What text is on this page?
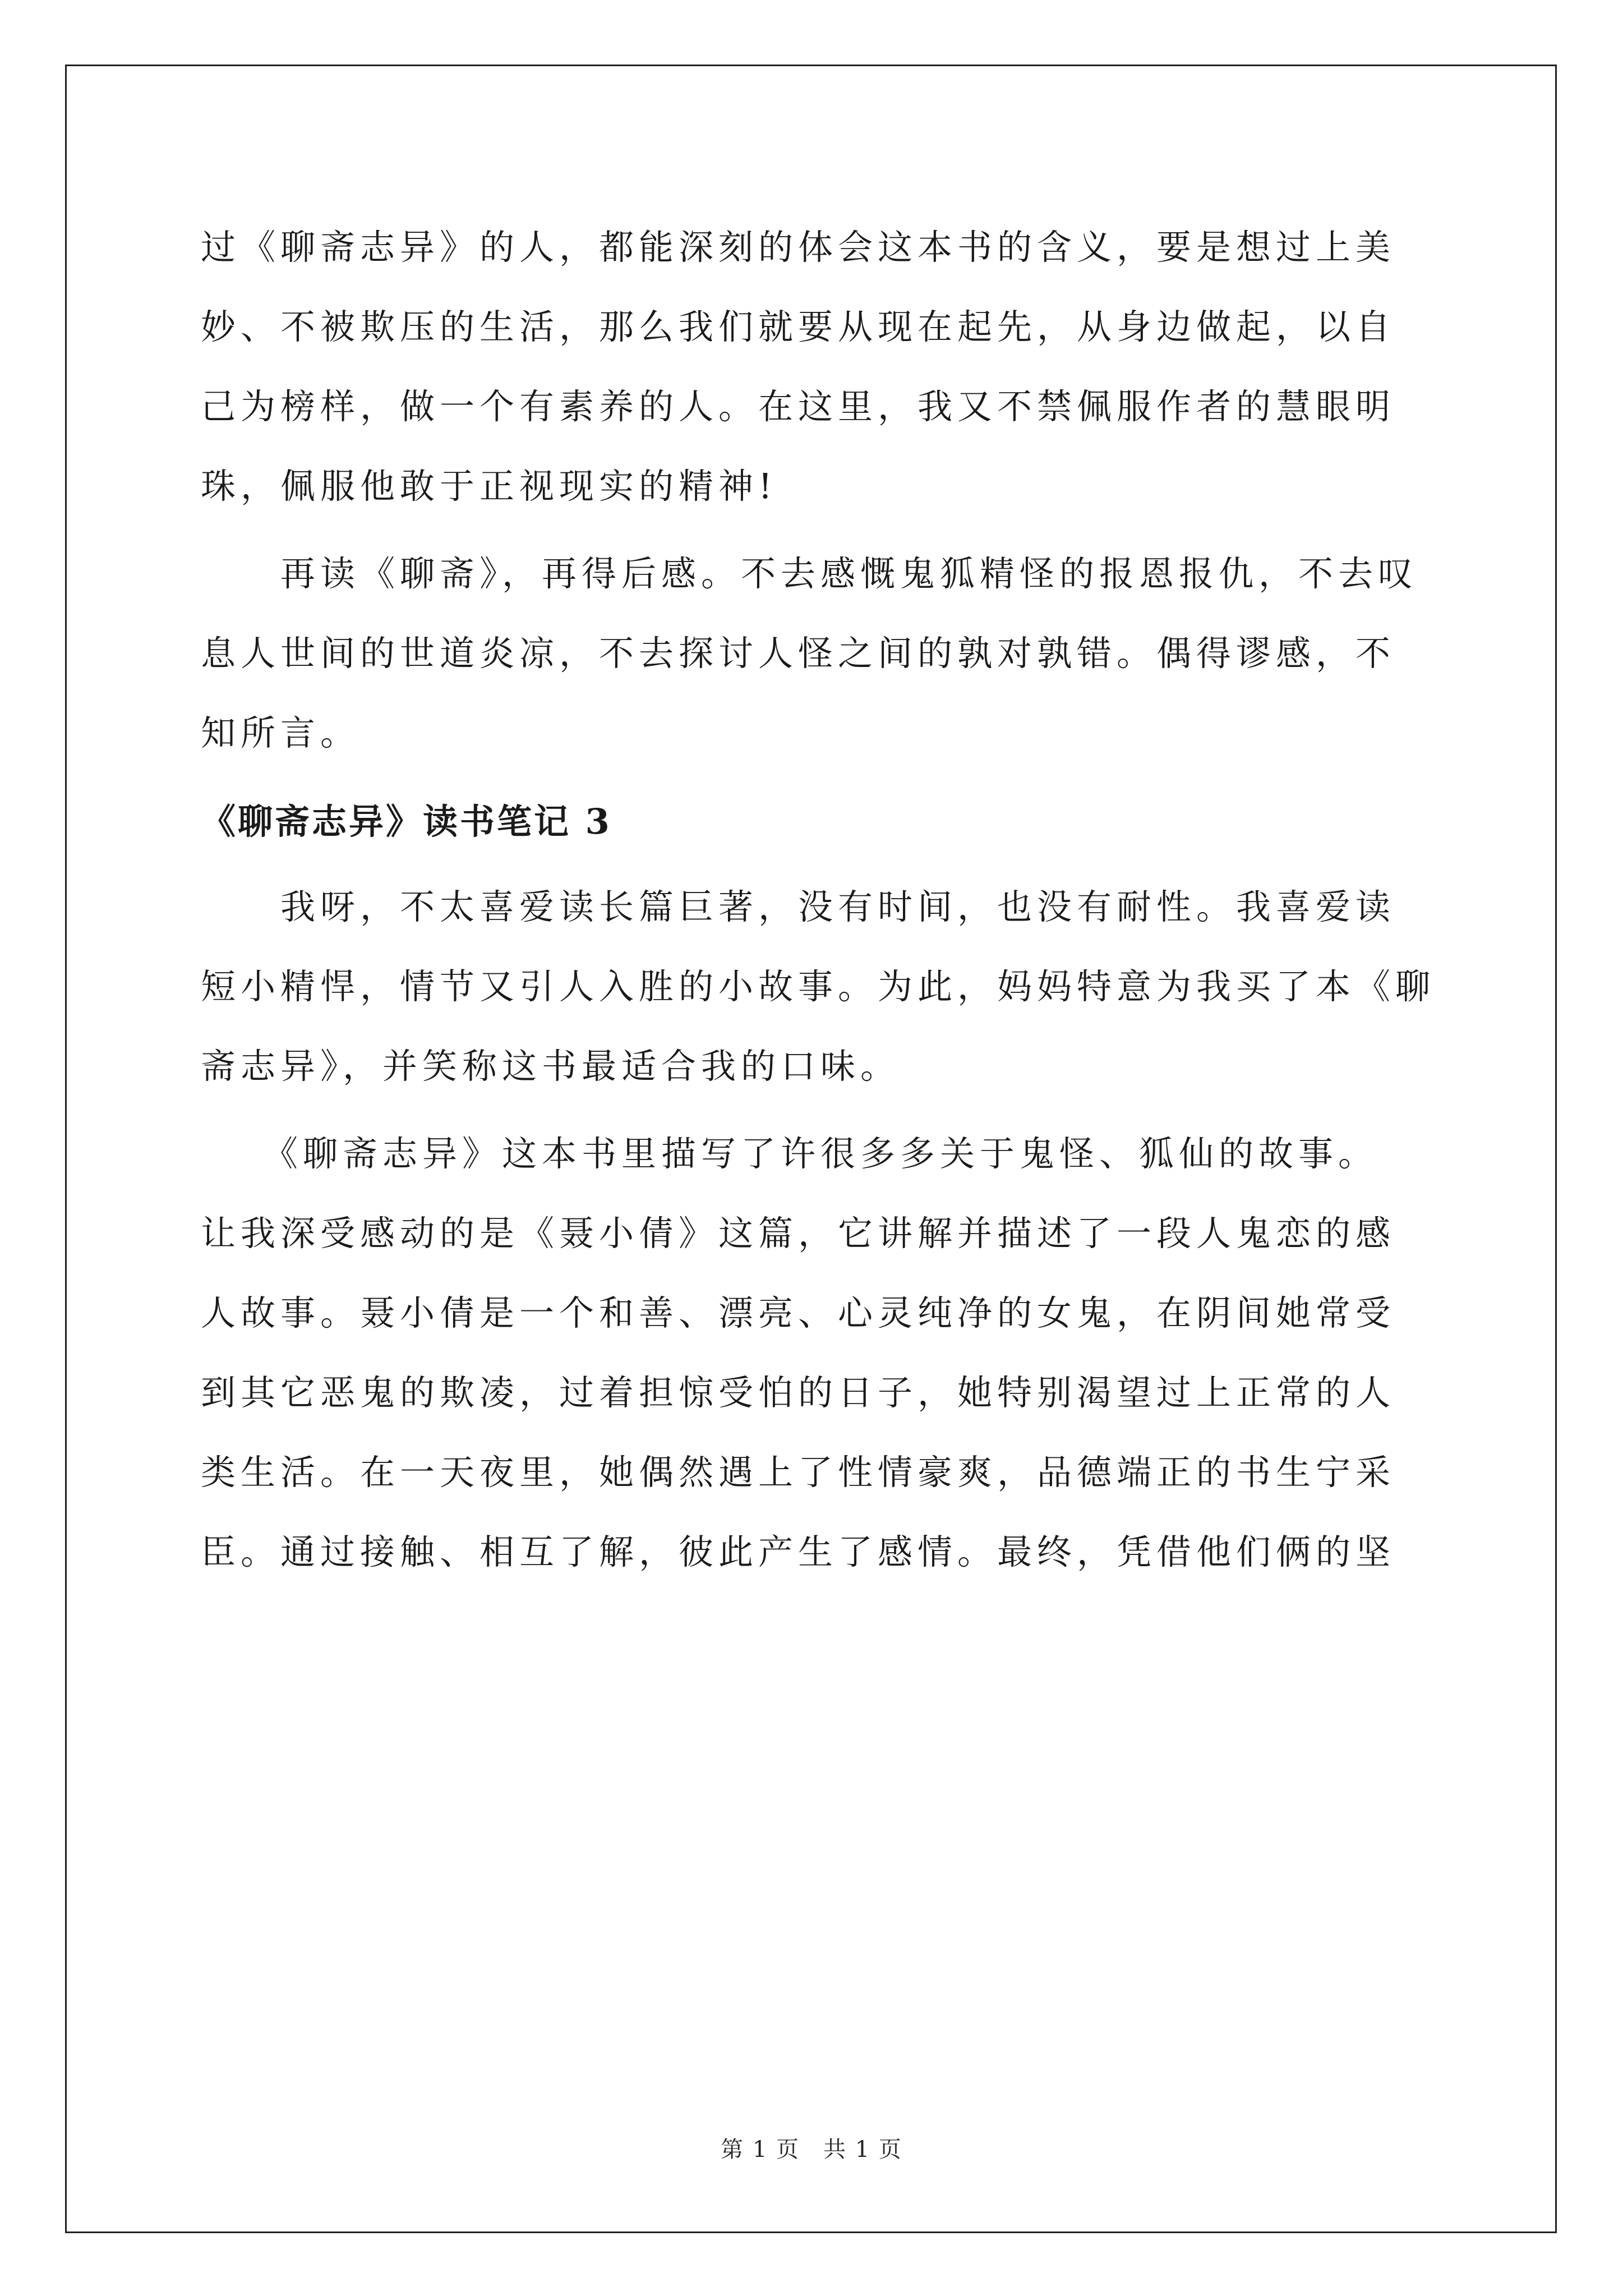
过《聊斋志异》的人，都能深刻的体会这本书的含义，要是想过上美
妙、不被欺压的生活，那么我们就要从现在起先，从身边做起，以自
己为榜样，做一个有素养的人。在这里，我又不禁佩服作者的慧眼明
珠，佩服他敢于正视现实的精神!

　　再读《聊斋》，再得后感。不去感慨鬼狐精怪的报恩报仇，不去叹
息人世间的世道炎凉，不去探讨人怪之间的孰对孰错。偶得谬感，不
知所言。

《聊斋志异》读书笔记 3

　　我呀，不太喜爱读长篇巨著，没有时间，也没有耐性。我喜爱读
短小精悍，情节又引人入胜的小故事。为此，妈妈特意为我买了本《聊
斋志异》，并笑称这书最适合我的口味。

　　《聊斋志异》这本书里描写了许很多多关于鬼怪、狐仙的故事。
让我深受感动的是《聂小倩》这篇，它讲解并描述了一段人鬼恋的感
人故事。聂小倩是一个和善、漂亮、心灵纯净的女鬼，在阴间她常受
到其它恶鬼的欺凌，过着担惊受怕的日子，她特别渴望过上正常的人
类生活。在一天夜里，她偶然遇上了性情豪爽，品德端正的书生宁采
臣。通过接触、相互了解，彼此产生了感情。最终，凭借他们俩的坚

第 1 页　共 1 页
